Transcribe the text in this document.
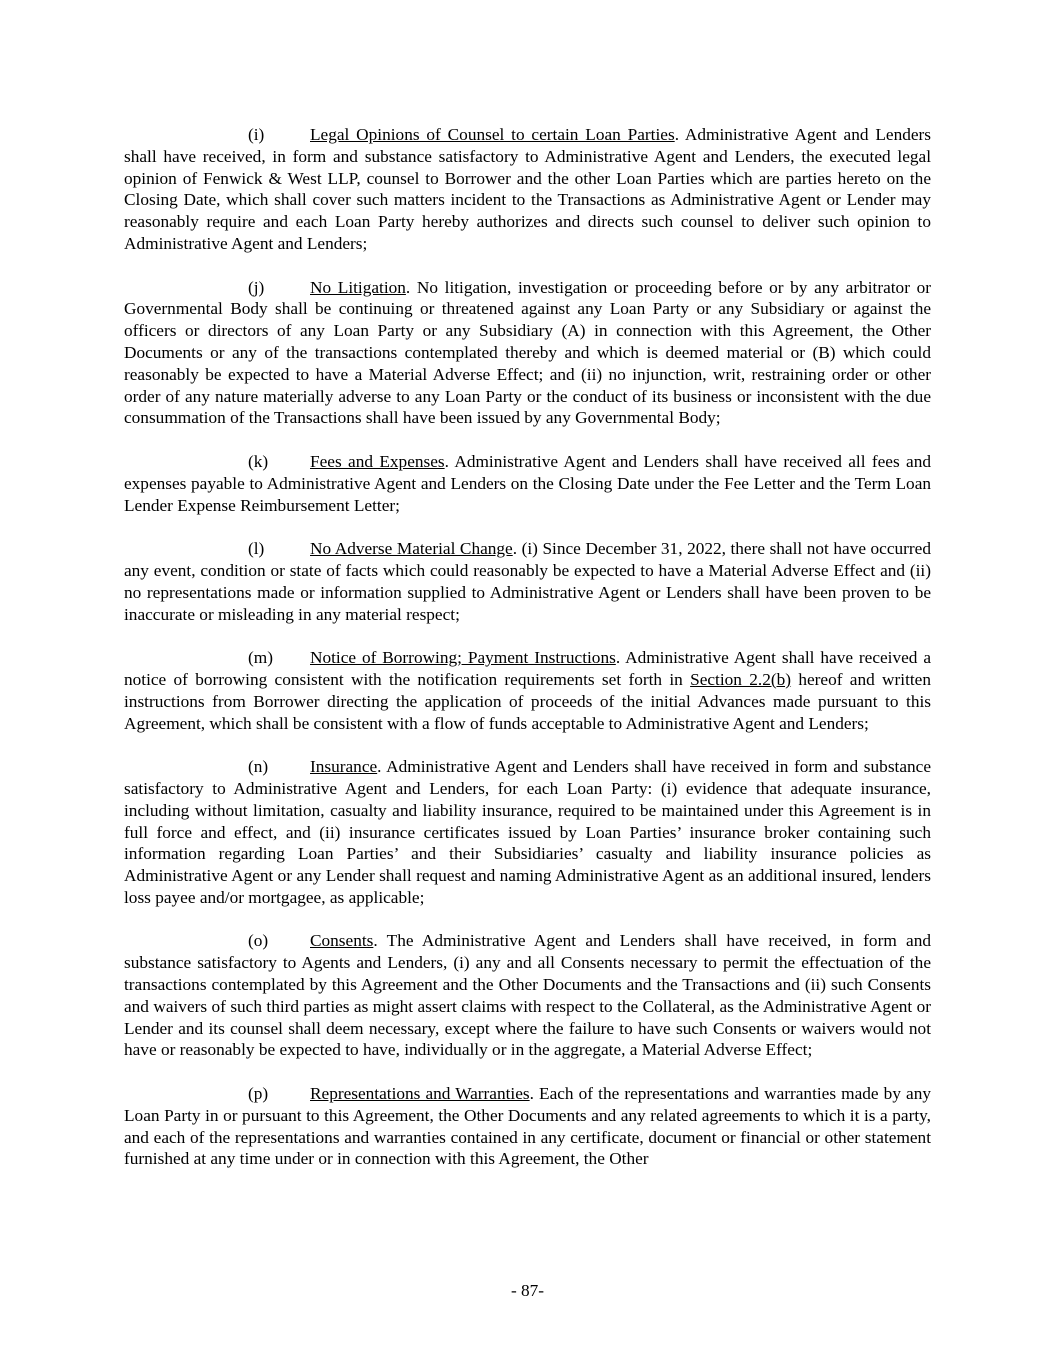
(i)	Legal Opinions of Counsel to certain Loan Parties. Administrative Agent and Lenders shall have received, in form and substance satisfactory to Administrative Agent and Lenders, the executed legal opinion of Fenwick & West LLP, counsel to Borrower and the other Loan Parties which are parties hereto on the Closing Date, which shall cover such matters incident to the Transactions as Administrative Agent or Lender may reasonably require and each Loan Party hereby authorizes and directs such counsel to deliver such opinion to Administrative Agent and Lenders;

(j)	No Litigation. No litigation, investigation or proceeding before or by any arbitrator or Governmental Body shall be continuing or threatened against any Loan Party or any Subsidiary or against the officers or directors of any Loan Party or any Subsidiary (A) in connection with this Agreement, the Other Documents or any of the transactions contemplated thereby and which is deemed material or (B) which could reasonably be expected to have a Material Adverse Effect; and (ii) no injunction, writ, restraining order or other order of any nature materially adverse to any Loan Party or the conduct of its business or inconsistent with the due consummation of the Transactions shall have been issued by any Governmental Body;

(k) Fees and Expenses. Administrative Agent and Lenders shall have received all fees and expenses payable to Administrative Agent and Lenders on the Closing Date under the Fee Letter and the Term Loan Lender Expense Reimbursement Letter;

(l)	No Adverse Material Change. (i) Since December 31, 2022, there shall not have occurred any event, condition or state of facts which could reasonably be expected to have a Material Adverse Effect and (ii) no representations made or information supplied to Administrative Agent or Lenders shall have been proven to be inaccurate or misleading in any material respect;

(m) Notice of Borrowing; Payment Instructions. Administrative Agent shall have received a notice of borrowing consistent with the notification requirements set forth in Section 2.2(b) hereof and written instructions from Borrower directing the application of proceeds of the initial Advances made pursuant to this Agreement, which shall be consistent with a flow of funds acceptable to Administrative Agent and Lenders;

(n) Insurance. Administrative Agent and Lenders shall have received in form and substance satisfactory to Administrative Agent and Lenders, for each Loan Party: (i) evidence that adequate insurance, including without limitation, casualty and liability insurance, required to be maintained under this Agreement is in full force and effect, and (ii) insurance certificates issued by Loan Parties’ insurance broker containing such information regarding Loan Parties’ and their Subsidiaries’ casualty and liability insurance policies as Administrative Agent or any Lender shall request and naming Administrative Agent as an additional insured, lenders loss payee and/or mortgagee, as applicable;

(o) Consents. The Administrative Agent and Lenders shall have received, in form and substance satisfactory to Agents and Lenders, (i) any and all Consents necessary to permit the effectuation of the transactions contemplated by this Agreement and the Other Documents and the Transactions and (ii) such Consents and waivers of such third parties as might assert claims with respect to the Collateral, as the Administrative Agent or Lender and its counsel shall deem necessary, except where the failure to have such Consents or waivers would not have or reasonably be expected to have, individually or in the aggregate, a Material Adverse Effect;

(p) Representations and Warranties. Each of the representations and warranties made by any Loan Party in or pursuant to this Agreement, the Other Documents and any related agreements to which it is a party, and each of the representations and warranties contained in any certificate, document or financial or other statement furnished at any time under or in connection with this Agreement, the Other

- 87-
